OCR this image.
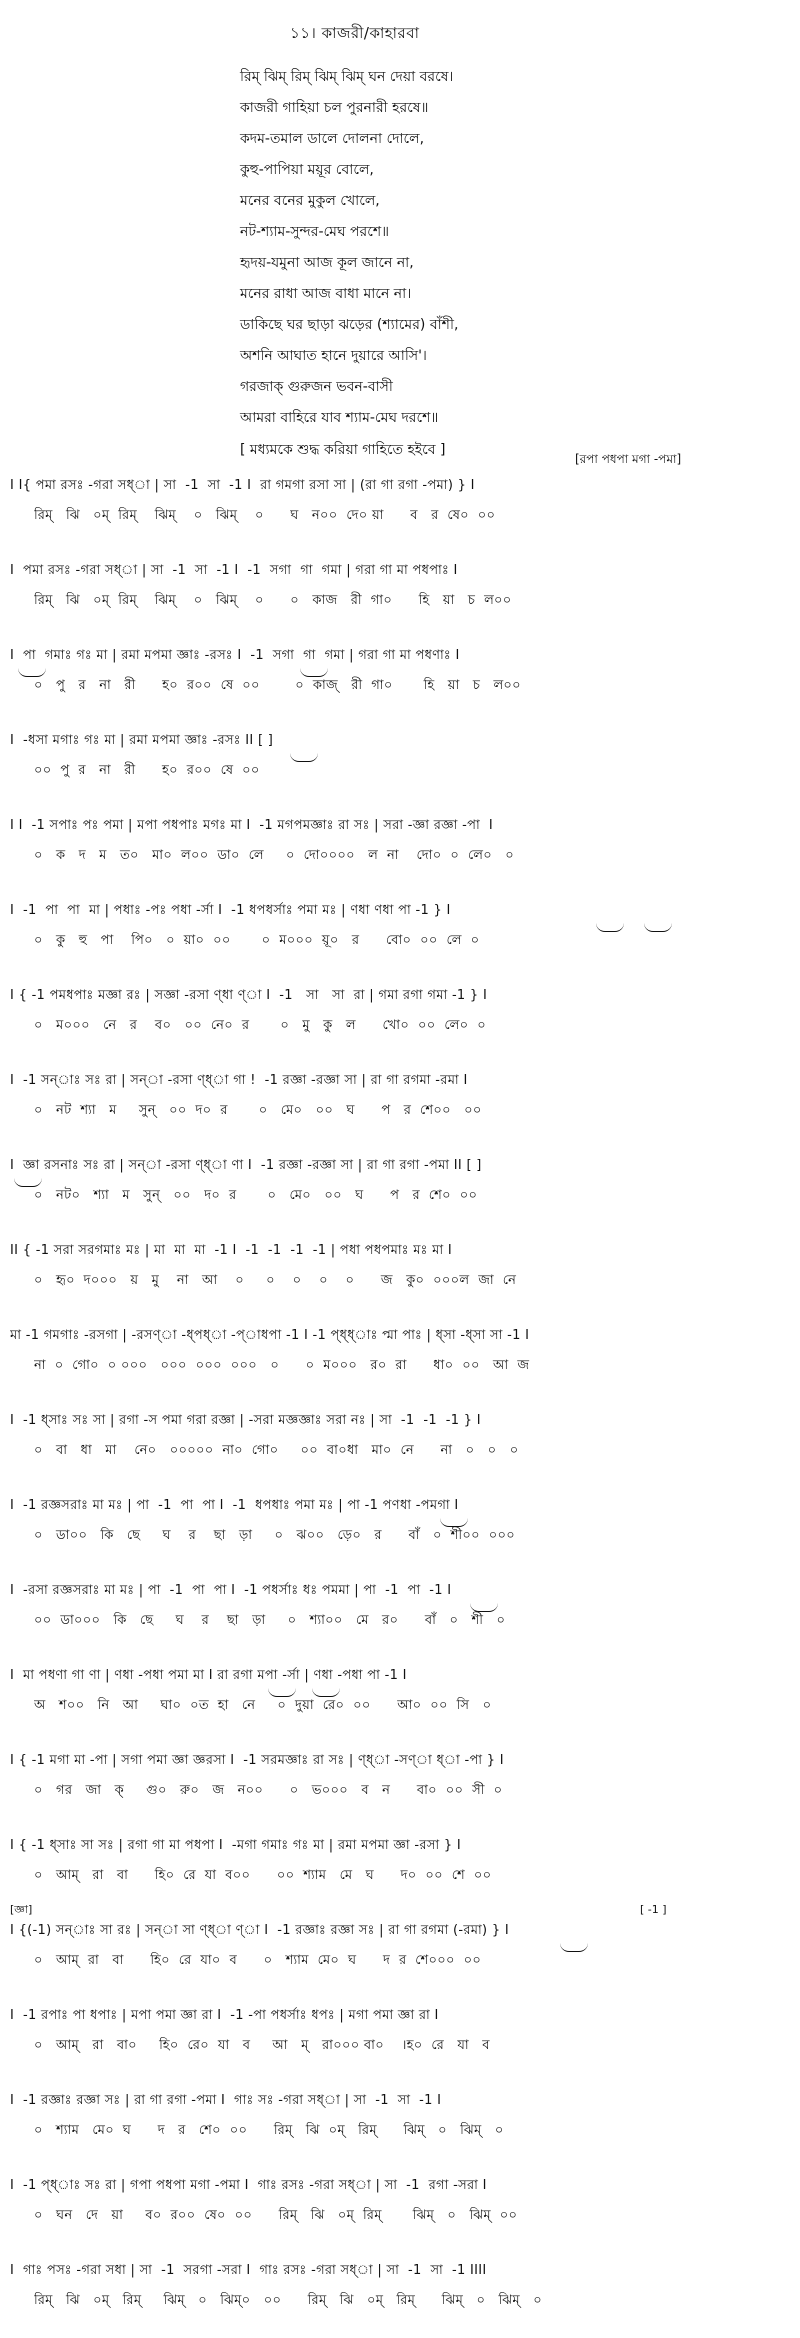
১১। কাজরী/কাহারবা
রিম্ ঝিম্ রিম্ ঝিম্ ঝিম্ ঘন দেয়া বরষে।
কাজরী গাহিয়া চল পুরনারী হরষে॥
কদম-তমাল ডালে দোলনা দোলে,
কুহু-পাপিয়া ময়ূর বোলে,
মনের বনের মুকুল খোলে,
নট-শ্যাম-সুন্দর-মেঘ পরশে॥
হৃদয়-যমুনা আজ কূল জানে না,
মনের রাধা আজ বাধা মানে না।
ডাকিছে ঘর ছাড়া ঝড়ের (শ্যামের) বাঁশী,
অশনি আঘাত হানে দুয়ারে আসি'।
গরজাক্ গুরুজন ভবন-বাসী
আমরা বাহিরে যাব শ্যাম-মেঘ দরশে॥
[ মধ্যমকে শুদ্ধ করিয়া গাহিতে হইবে ]
[রপা পধপা মগা -পমা]
I I{ পমা রসঃ -গরা সধ্া | সা  -1  সা  -1 I  রা গমগা রসা সা | (রা গা রগা -পমা) } I
রিম্   ঝি   ০ম্  রিম্    ঝিম্    ০   ঝিম্    ০      ঘ   ন০০  দে০ য়া      ব   র  ষে০  ০০
I  পমা রসঃ -গরা সধ্া | সা  -1  সা  -1 I  -1  সগা  গা  গমা | গরা গা মা পধপাঃ I
রিম্   ঝি   ০ম্  রিম্    ঝিম্    ০   ঝিম্    ০      ০   কাজ   রী  গা০      হি   য়া   চ  ল০০
I  পা  গমাঃ গঃ মা | রমা মপমা জ্ঞাঃ -রসঃ I  -1  সগা  গা  গমা | গরা গা মা পধণাঃ I
০   পু   র   না   রী      হ০  র০০  ষে  ০০        ০  কাজ্   রী  গা০       হি   য়া   চ   ল০০
I  -ধসা মগাঃ গঃ মা | রমা মপমা জ্ঞাঃ -রসঃ II [ ]
০০  পু  র   না   রী      হ০  র০০  ষে  ০০
I I  -1 সপাঃ পঃ পমা | মপা পধপাঃ মগঃ মা I  -1 মগপমজ্ঞাঃ রা সঃ | সরা -জ্ঞা রজ্ঞা -পা  I
০   ক   দ   ম   ত০   মা০  ল০০  ডা০  লে     ০  দো০০০০   ল  না    দো০  ০  লে০   ০
I  -1  পা  পা  মা | পধাঃ -পঃ পধা -র্সা I  -1 ধপধর্সাঃ পমা মঃ | ণধা ণধা পা -1 } I
০   কু   হু   পা    পি০   ০  য়া০  ০০       ০  ম০০০  য়ূ০   র      বো০  ০০  লে  ০
I { -1 পমধপাঃ মজ্ঞা রঃ | সজ্ঞা -রসা ণ্ধা ণ্া I  -1   সা   সা  রা | গমা রগা গমা -1 } I
০   ম০০০   নে   র    ব০   ০০  নে০  র       ০   মু   কু   ল      খো০  ০০  লে০  ০
I  -1 সন্াঃ সঃ রা | সন্া -রসা ণ্ধ্া গা !  -1 রজ্ঞা -রজ্ঞা সা | রা গা রগমা -রমা I
০   নট  শ্যা   ম     সুন্   ০০  দ০  র       ০   মে০   ০০   ঘ      প   র  শে০০   ০০
I  জ্ঞা রসনাঃ সঃ রা | সন্া -রসা ণ্ধ্া ণা I  -1 রজ্ঞা -রজ্ঞা সা | রা গা রগা -পমা II [ ]
০   নট০   শ্যা   ম   সুন্   ০০   দ০  র       ০   মে০   ০০   ঘ      প   র  শে০  ০০
II { -1 সরা সরগমাঃ মঃ | মা  মা  মা  -1 I  -1  -1  -1  -1 | পধা পধপমাঃ মঃ মা I
০   হৃ০  দ০০০   য়   মু    না   আ    ০     ০    ০    ০    ০      জ   কু০  ০০০ল  জা  নে
মা -1 গমগাঃ -রসগা | -রসণ্া -ধ্পধ্া -প্াধপা -1 I -1 প্ধ্ধ্াঃ প্মা পাঃ | ধ্সা -ধ্সা সা -1 I
না  ০  গো০  ০ ০০০   ০০০  ০০০  ০০০   ০      ০  ম০০০   র০  রা      ধা০  ০০   আ  জ
I  -1 ধ্সাঃ সঃ সা | রগা -স পমা গরা রজ্ঞা | -সরা মজ্ঞজ্ঞাঃ সরা নঃ | সা  -1  -1  -1 } I
০   বা   ধা   মা    নে০   ০০০০০  না০  গো০     ০০  বা০ধা   মা০  নে      না   ০   ০   ০
I  -1 রজ্ঞসরাঃ মা মঃ | পা  -1  পা  পা I  -1  ধপধাঃ পমা মঃ | পা -1 পণধা -পমগা I
০   ডা০০   কি   ছে     ঘ    র    ছা   ড়া     ০   ঝ০০   ড়ে০   র      বাঁ   ০  শী০০  ০০০
I  -রসা রজ্ঞসরাঃ মা মঃ | পা  -1  পা  পা I  -1 পধর্সাঃ ধঃ পমমা | পা  -1  পা  -1 I
০০  ডা০০০   কি   ছে     ঘ    র    ছা   ড়া     ০   শ্যা০০   মে   র০      বাঁ   ০   শী   ০
I  মা পধণা গা ণা | ণধা -পধা পমা মা I রা রগা মপা -র্সা | ণধা -পধা পা -1 I
অ   শ০০   নি   আ     ঘা০  ০ত  হা   নে     ০  দুয়া  রে০  ০০      আ০  ০০  সি   ০
I { -1 মগা মা -পা | সগা পমা জ্ঞা জ্ঞরসা I  -1 সরমজ্ঞাঃ রা সঃ | ণ্ধ্া -সণ্া ধ্া -পা } I
০   গর   জা   ক্     গু০   রু০   জ   ন০০      ০   ভ০০০   ব   ন      বা০  ০০  সী  ০
I { -1 ধ্সাঃ সা সঃ | রগা গা মা পধপা I  -মগা গমাঃ গঃ মা | রমা মপমা জ্ঞা -রসা } I
০   আম্   রা   বা      হি০  রে  যা  ব০০      ০০  শ্যাম   মে   ঘ      দ০  ০০  শে  ০০
[জ্ঞা]	[ -1 ]
I {(-1) সন্াঃ সা রঃ | সন্া সা ণ্ধ্া ণ্া I  -1 রজ্ঞাঃ রজ্ঞা সঃ | রা গা রগমা (-রমা) } I
০   আম্  রা   বা      হি০  রে  যা০  ব      ০   শ্যাম  মে০  ঘ      দ  র  শে০০০  ০০
I  -1 রপাঃ পা ধপাঃ | মপা পমা জ্ঞা রা I  -1 -পা পধর্সাঃ ধপঃ | মগা পমা জ্ঞা রা I
০   আম্   রা   বা০     হি০  রে০  যা   ব     আ   ম্   রা০০০ বা০    ।হ০  রে   যা   ব
I  -1 রজ্ঞাঃ রজ্ঞা সঃ | রা গা রগা -পমা I  গাঃ সঃ -গরা সধ্া | সা  -1  সা  -1 I
০   শ্যাম   মে০  ঘ      দ   র   শে০  ০০      রিম্   ঝি  ০ম্   রিম্      ঝিম্   ০   ঝিম্   ০
I  -1 প্ধ্াঃ সঃ রা | গপা পধপা মগা -পমা I  গাঃ রসঃ -গরা সধ্া | সা  -1  রগা -সরা I
০   ঘন   দে   য়া     ব০  র০০  ষে০  ০০      রিম্   ঝি   ০ম্  রিম্       ঝিম্   ০   ঝিম্  ০০
I  গাঃ পসঃ -গরা সধা | সা  -1  সরগা -সরা I  গাঃ রসঃ -গরা সধ্া | সা  -1  সা  -1 IIII
রিম্   ঝি   ০ম্   রিম্     ঝিম্   ০   ঝিম্০   ০০      রিম্   ঝি   ০ম্   রিম্      ঝিম্   ০   ঝিম্   ০
